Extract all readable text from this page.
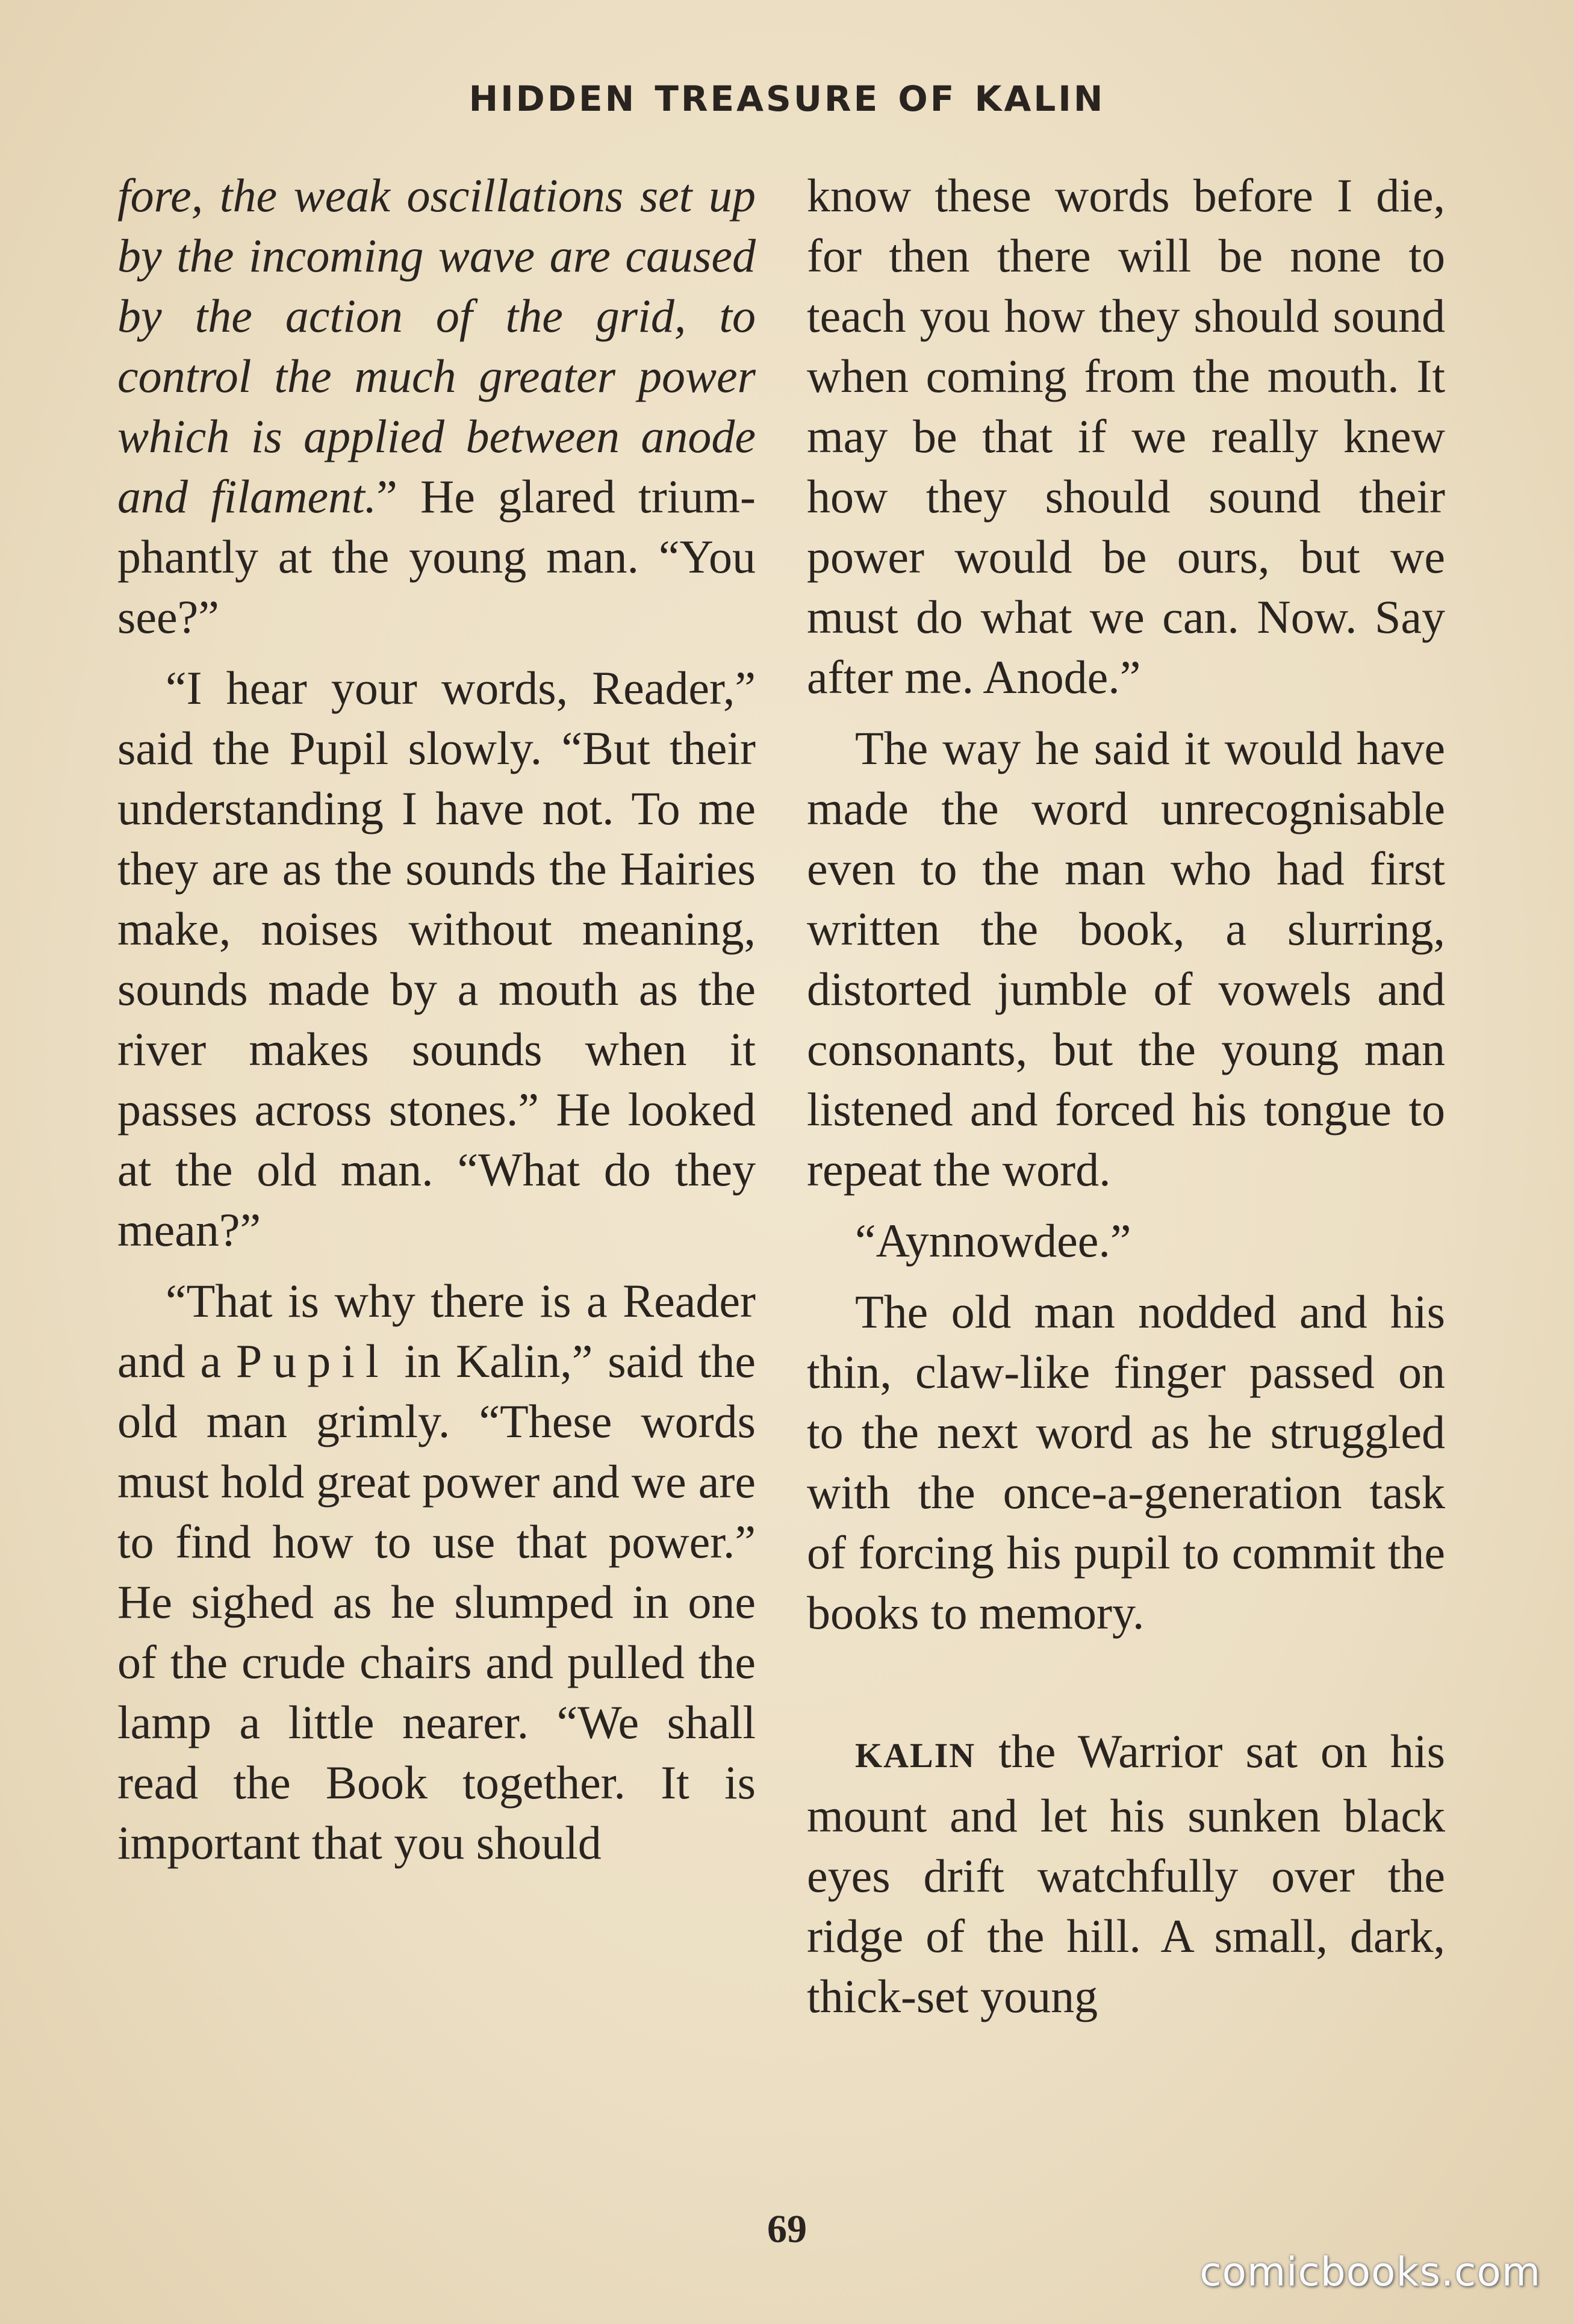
HIDDEN TREASURE OF KALIN

fore, the weak oscillations set up by the incoming wave are caused by the action of the grid, to control the much greater power which is applied between anode and filament.” He glared triumphantly at the young man. “You see?”

“I hear your words, Reader,” said the Pupil slowly. “But their understanding I have not. To me they are as the sounds the Hairies make, noises without meaning, sounds made by a mouth as the river makes sounds when it passes across stones.” He looked at the old man. “What do they mean?”

“That is why there is a Reader and a Pupil in Kalin,” said the old man grimly. “These words must hold great power and we are to find how to use that power.” He sighed as he slumped in one of the crude chairs and pulled the lamp a little nearer. “We shall read the Book together. It is important that you should

know these words before I die, for then there will be none to teach you how they should sound when coming from the mouth. It may be that if we really knew how they should sound their power would be ours, but we must do what we can. Now. Say after me. Anode.”

The way he said it would have made the word unrecognisable even to the man who had first written the book, a slurring, distorted jumble of vowels and consonants, but the young man listened and forced his tongue to repeat the word.

“Aynnowdee.”

The old man nodded and his thin, claw-like finger passed on to the next word as he struggled with the once-a-generation task of forcing his pupil to commit the books to memory.

KALIN the Warrior sat on his mount and let his sunken black eyes drift watchfully over the ridge of the hill. A small, dark, thick-set young

69
comicbooks.com
